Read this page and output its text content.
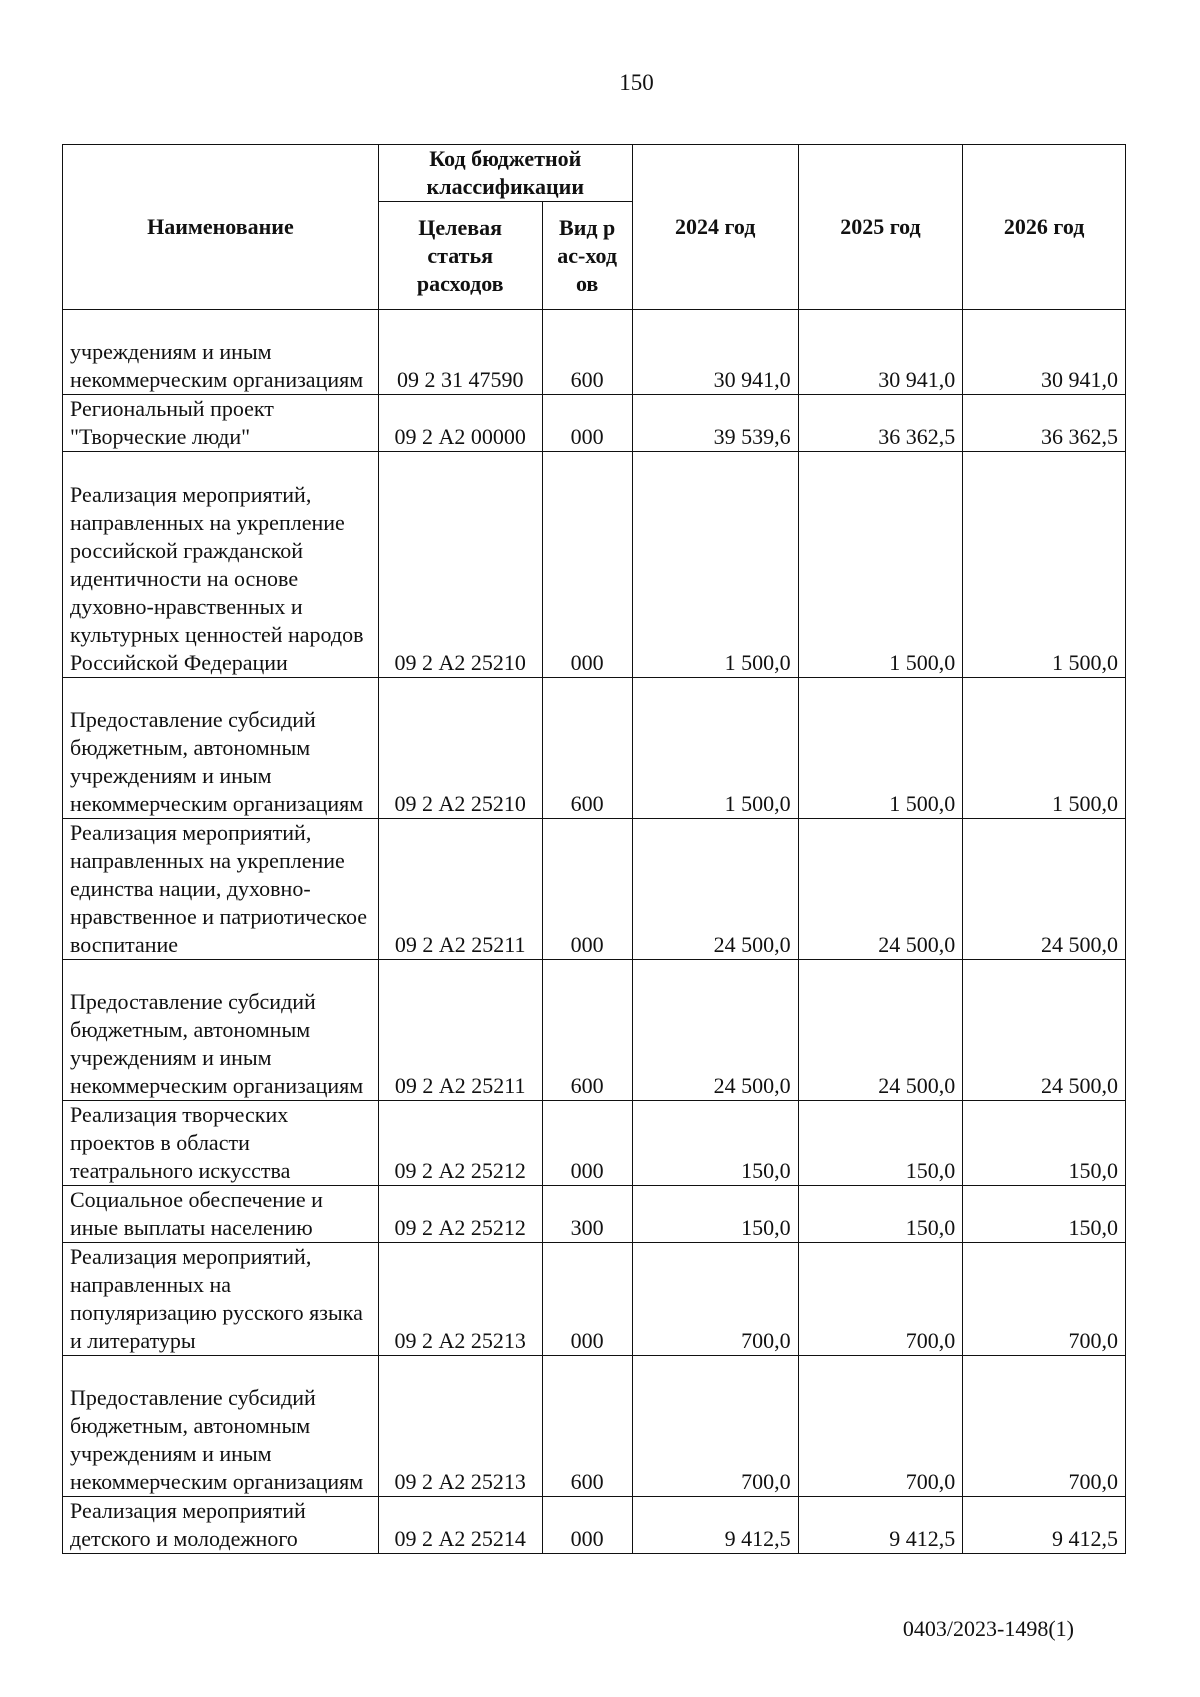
150
Наименование	Код бюджетной классификации		2024 год	2025 год	2026 год
	Целевая статья расходов	Вид рас-ходов			
учреждениям и иным некоммерческим организациям	09 2 31 47590	600	30 941,0	30 941,0	30 941,0
Региональный проект "Творческие люди"	09 2 А2 00000	000	39 539,6	36 362,5	36 362,5
Реализация мероприятий, направленных на укрепление российской гражданской идентичности на основе духовно-нравственных и культурных ценностей народов Российской Федерации	09 2 А2 25210	000	1 500,0	1 500,0	1 500,0
Предоставление субсидий бюджетным, автономным учреждениям и иным некоммерческим организациям	09 2 А2 25210	600	1 500,0	1 500,0	1 500,0
Реализация мероприятий, направленных на укрепление единства нации, духовно-нравственное и патриотическое воспитание	09 2 А2 25211	000	24 500,0	24 500,0	24 500,0
Предоставление субсидий бюджетным, автономным учреждениям и иным некоммерческим организациям	09 2 А2 25211	600	24 500,0	24 500,0	24 500,0
Реализация творческих проектов в области театрального искусства	09 2 А2 25212	000	150,0	150,0	150,0
Социальное обеспечение и иные выплаты населению	09 2 А2 25212	300	150,0	150,0	150,0
Реализация мероприятий, направленных на популяризацию русского языка и литературы	09 2 А2 25213	000	700,0	700,0	700,0
Предоставление субсидий бюджетным, автономным учреждениям и иным некоммерческим организациям	09 2 А2 25213	600	700,0	700,0	700,0
Реализация мероприятий детского и молодежного	09 2 А2 25214	000	9 412,5	9 412,5	9 412,5
0403/2023-1498(1)
